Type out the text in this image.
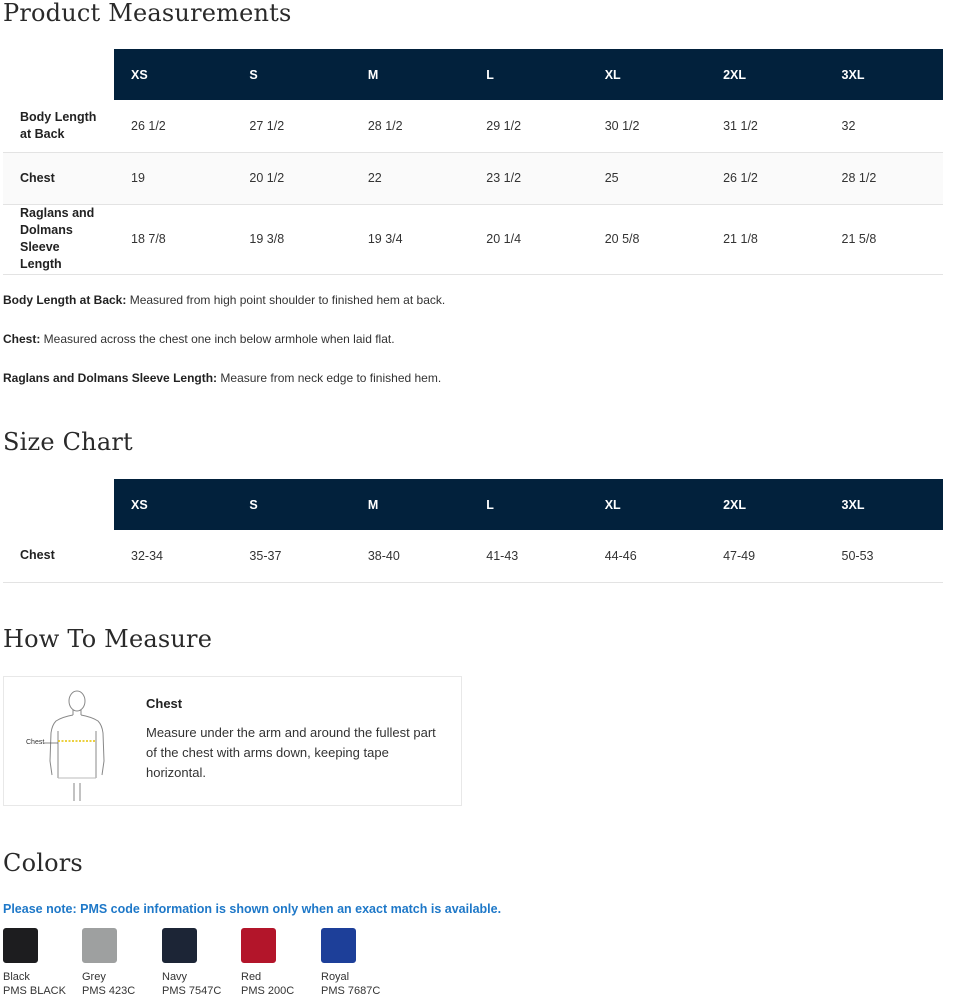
Product Measurements
	XS	S	M	L	XL	2XL	3XL
Body Length
at Back	26 1/2	27 1/2	28 1/2	29 1/2	30 1/2	31 1/2	32
Chest	19	20 1/2	22	23 1/2	25	26 1/2	28 1/2
Raglans and
Dolmans
Sleeve
Length	18 7/8	19 3/8	19 3/4	20 1/4	20 5/8	21 1/8	21 5/8

Body Length at Back: Measured from high point shoulder to finished hem at back.

Chest: Measured across the chest one inch below armhole when laid flat.

Raglans and Dolmans Sleeve Length: Measure from neck edge to finished hem.

Size Chart
	XS	S	M	L	XL	2XL	3XL
Chest	32-34	35-37	38-40	41-43	44-46	47-49	50-53
How To Measure
Chest
Chest
Measure under the arm and around the fullest part of the chest with arms down, keeping tape horizontal.
Colors

Please note: PMS code information is shown only when an exact match is available.

Black
PMS BLACK
Grey
PMS 423C
Navy
PMS 7547C
Red
PMS 200C
Royal
PMS 7687C
